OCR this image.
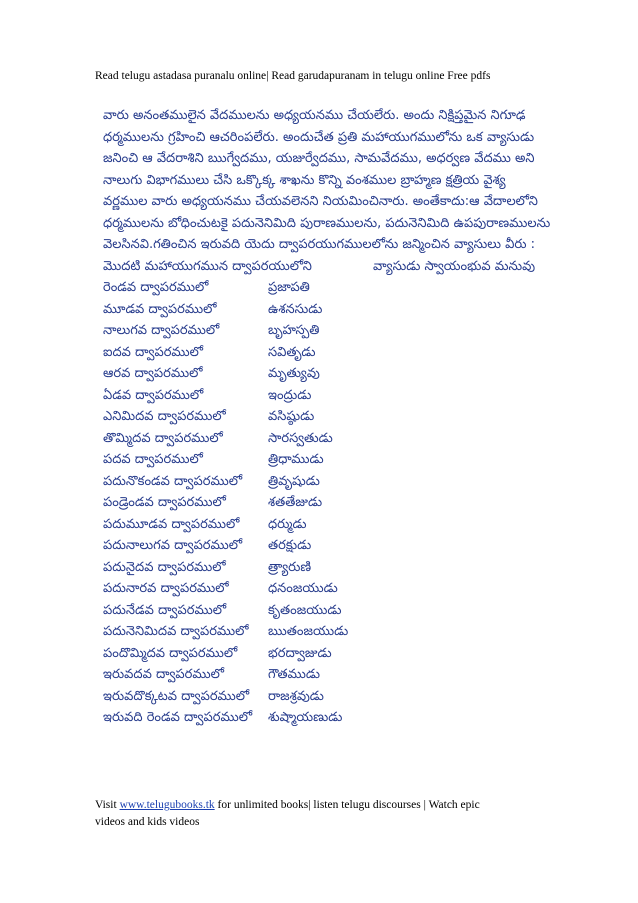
Read telugu astadasa puranalu online| Read garudapuranam in telugu online Free pdfs
వారు అనంతములైన వేదములను అధ్యయనము చేయలేరు. అందు నిక్షిప్తమైన నిగూఢ
ధర్మములను గ్రహించి ఆచరింపలేరు. అందుచేత ప్రతి మహాయుగములోను ఒక వ్యాసుడు
జనించి ఆ వేదరాశిని ఋగ్వేదము, యజుర్వేదము, సామవేదము, అధర్వణ వేదము అని
నాలుగు విభాగములు చేసి ఒక్కొక్క శాఖను కొన్ని వంశముల బ్రాహ్మణ క్షత్రియ వైశ్య
వర్ణముల వారు అధ్యయనము చేయవలెనని నియమించినారు. అంతేకాదు:ఆ వేదాలలోని
ధర్మములను బోధించుటకై పదునెనిమిది పురాణములను, పదునెనిమిది ఉపపురాణములను
వెలసినవి.గతించిన ఇరువది యెదు ద్వాపరయుగములలోను జన్మించిన వ్యాసులు వీరు :
మొదటి మహాయుగమున ద్వాపరయులోని	వ్యాసుడు స్వాయంభువ మనువు
రెండవ ద్వాపరములో	ప్రజాపతి
మూడవ ద్వాపరములో	ఉశనసుడు
నాలుగవ ద్వాపరములో	బృహస్పతి
ఐదవ ద్వాపరములో	సవితృడు
ఆరవ ద్వాపరములో	మృత్యువు
ఏడవ ద్వాపరములో	ఇంద్రుడు
ఎనిమిదవ ద్వాపరములో	వసిష్ఠుడు
తొమ్మిదవ ద్వాపరములో	సారస్వతుడు
పదవ ద్వాపరములో	త్రిధాముడు
పదునొకండవ ద్వాపరములో త్రివృషుడు
పండ్రెండవ ద్వాపరములో	శతతేజుడు
పదుమూడవ ద్వాపరములో ధర్ముడు
పదునాలుగవ ద్వాపరములో తరక్షుడు
పదునైదవ ద్వాపరములో	త్ర్యారుణి
పదునారవ ద్వాపరములో	ధనంజయుడు
పదునేడవ ద్వాపరములో	కృతంజయుడు
పదునెనిమిదవ ద్వాపరములో ఋతంజయుడు
పందొమ్మిదవ ద్వాపరములో భరద్వాజుడు
ఇరువదవ ద్వాపరములో	గౌతముడు
ఇరువదొక్కటవ ద్వాపరములో రాజశ్రవుడు
ఇరువది రెండవ ద్వాపరములో శుష్మాయణుడు
Visit www.telugubooks.tk for unlimited books| listen telugu discourses | Watch epic
videos and kids videos
